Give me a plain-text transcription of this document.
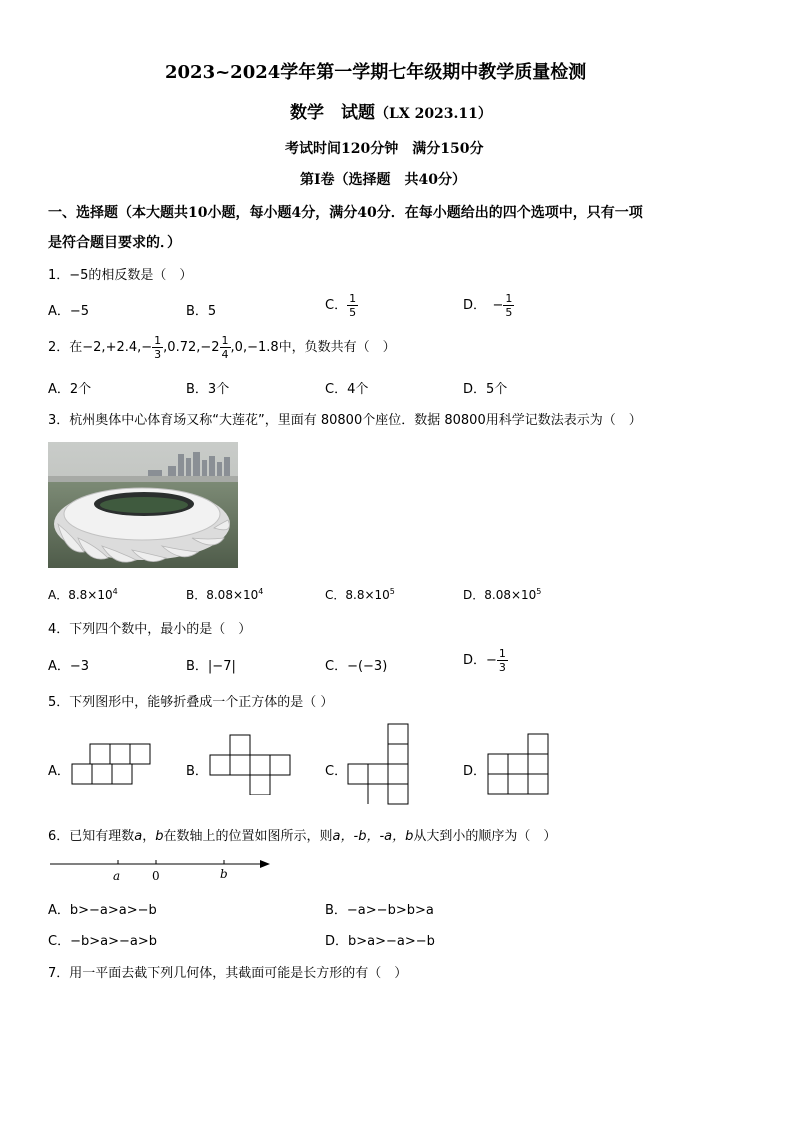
2023~2024学年第一学期七年级期中教学质量检测
数学　试题（LX 2023.11）
考试时间120分钟　满分150分
第Ⅰ卷（选择题　共40分）
一、选择题（本大题共10小题，每小题4分，满分40分．在每小题给出的四个选项中，只有一项
是符合题目要求的．）
1．−5的相反数是（　）
A．−5	B．5	C． $\frac{1}{5}$	D．　− $\frac{1}{5}$
2．在$-2,+2.4,- \frac{1}{3} ,0.72,-2 \frac{1}{4} ,0,-1.8$中，负数共有（　）
A．2个	B．3个	C．4个	D．5个
3．杭州奥体中心体育场又称“大莲花”，里面有 80800个座位．数据 80800用科学记数法表示为（　）
A．$8.8\times 10^4$	B．$8.08\times 10^4$	C．$8.8\times 10^5$	D．$8.08\times 10^5$
4．下列四个数中，最小的是（　）
A．−3	B．|−7|	C．−(−3)	D．− $\frac{1}{3}$
5．下列图形中，能够折叠成一个正方体的是（ ）
A．	B．	C．	D．
6．已知有理数a，b在数轴上的位置如图所示，则a，-b，-a，b从大到小的顺序为（　）
a	0	b
A．b>−a>a>−b	B．−a>−b>b>a
C．−b>a>−a>b	D．b>a>−a>−b
7．用一平面去截下列几何体，其截面可能是长方形的有（　）
